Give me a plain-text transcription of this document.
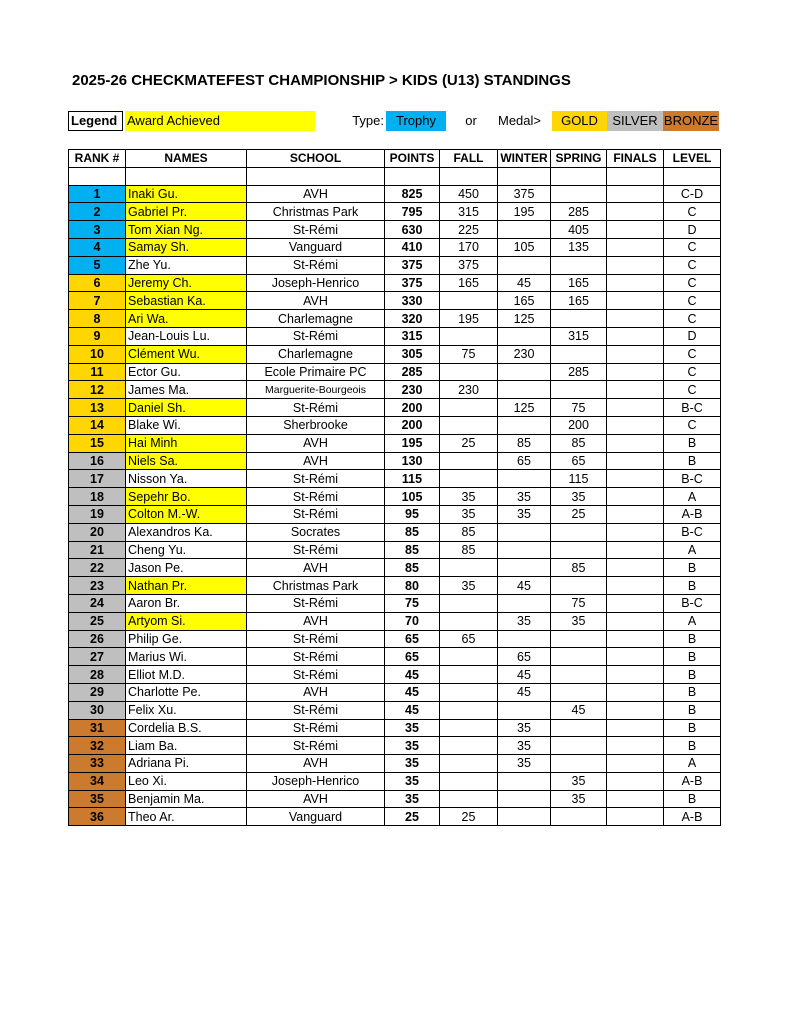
2025-26 CHECKMATEFEST CHAMPIONSHIP > KIDS (U13) STANDINGS
Legend Award Achieved	Type: Trophy	or	Medal>	GOLD	SILVER BRONZE
RANK #	NAMES	SCHOOL	POINTS	FALL	WINTER	SPRING	FINALS	LEVEL

1	Inaki Gu.	AVH	825	450	375			C-D
2	Gabriel Pr.	Christmas Park	795	315	195	285		C
3	Tom Xian Ng.	St-Rémi	630	225		405		D
4	Samay Sh.	Vanguard	410	170	105	135		C
5	Zhe Yu.	St-Rémi	375	375				C
6	Jeremy Ch.	Joseph-Henrico	375	165	45	165		C
7	Sebastian Ka.	AVH	330		165	165		C
8	Ari Wa.	Charlemagne	320	195	125			C
9	Jean-Louis Lu.	St-Rémi	315			315		D
10	Clément Wu.	Charlemagne	305	75	230			C
11	Ector Gu.	Ecole Primaire PC	285			285		C
12	James Ma.	Marguerite-Bourgeois	230	230				C
13	Daniel Sh.	St-Rémi	200		125	75		B-C
14	Blake Wi.	Sherbrooke	200			200		C
15	Hai Minh	AVH	195	25	85	85		B
16	Niels Sa.	AVH	130		65	65		B
17	Nisson Ya.	St-Rémi	115			115		B-C
18	Sepehr Bo.	St-Rémi	105	35	35	35		A
19	Colton M.-W.	St-Rémi	95	35	35	25		A-B
20	Alexandros Ka.	Socrates	85	85				B-C
21	Cheng Yu.	St-Rémi	85	85				A
22	Jason Pe.	AVH	85			85		B
23	Nathan Pr.	Christmas Park	80	35	45			B
24	Aaron Br.	St-Rémi	75			75		B-C
25	Artyom Si.	AVH	70		35	35		A
26	Philip Ge.	St-Rémi	65	65				B
27	Marius Wi.	St-Rémi	65		65			B
28	Elliot M.D.	St-Rémi	45		45			B
29	Charlotte Pe.	AVH	45		45			B
30	Felix Xu.	St-Rémi	45			45		B
31	Cordelia B.S.	St-Rémi	35		35			B
32	Liam Ba.	St-Rémi	35		35			B
33	Adriana Pi.	AVH	35		35			A
34	Leo Xi.	Joseph-Henrico	35			35		A-B
35	Benjamin Ma.	AVH	35			35		B
36	Theo Ar.	Vanguard	25	25				A-B
